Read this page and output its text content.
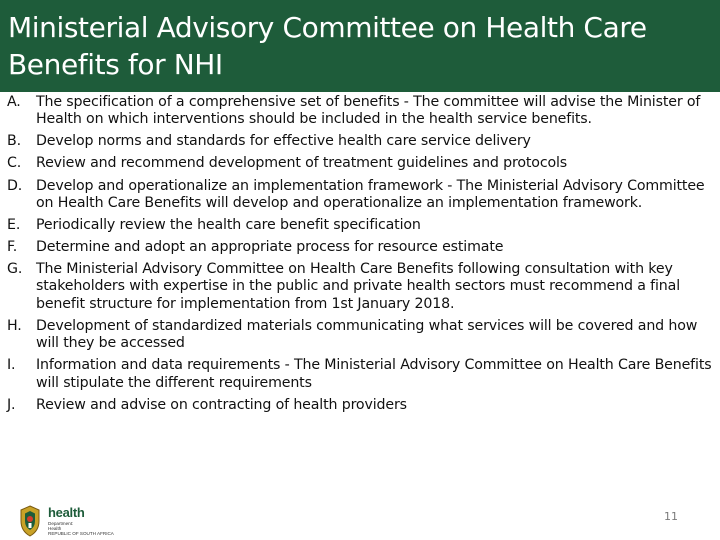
Ministerial Advisory Committee on Health Care Benefits for NHI
A.	The specification of a comprehensive set of benefits - The committee will advise the Minister of Health on which interventions should be included in the health service benefits.
B.	Develop norms and standards for effective health care service delivery
C.	Review and recommend development of treatment guidelines and protocols
D. Develop and operationalize an implementation framework - The Ministerial Advisory Committee on Health Care Benefits will develop and operationalize an implementation framework.
E.	Periodically review the health care benefit specification
F.	Determine and adopt an appropriate process for resource estimate
G. The Ministerial Advisory Committee on Health Care Benefits following consultation with key stakeholders with expertise in the public and private health sectors must recommend a final benefit structure for implementation from 1st January 2018.
H.	Development of standardized materials communicating what services will be covered and how will they be accessed
I.	Information and data requirements - The Ministerial Advisory Committee on Health Care Benefits will stipulate the different requirements
J.	Review and advise on contracting of health providers
health
Department:
Health
REPUBLIC OF SOUTH AFRICA
11
